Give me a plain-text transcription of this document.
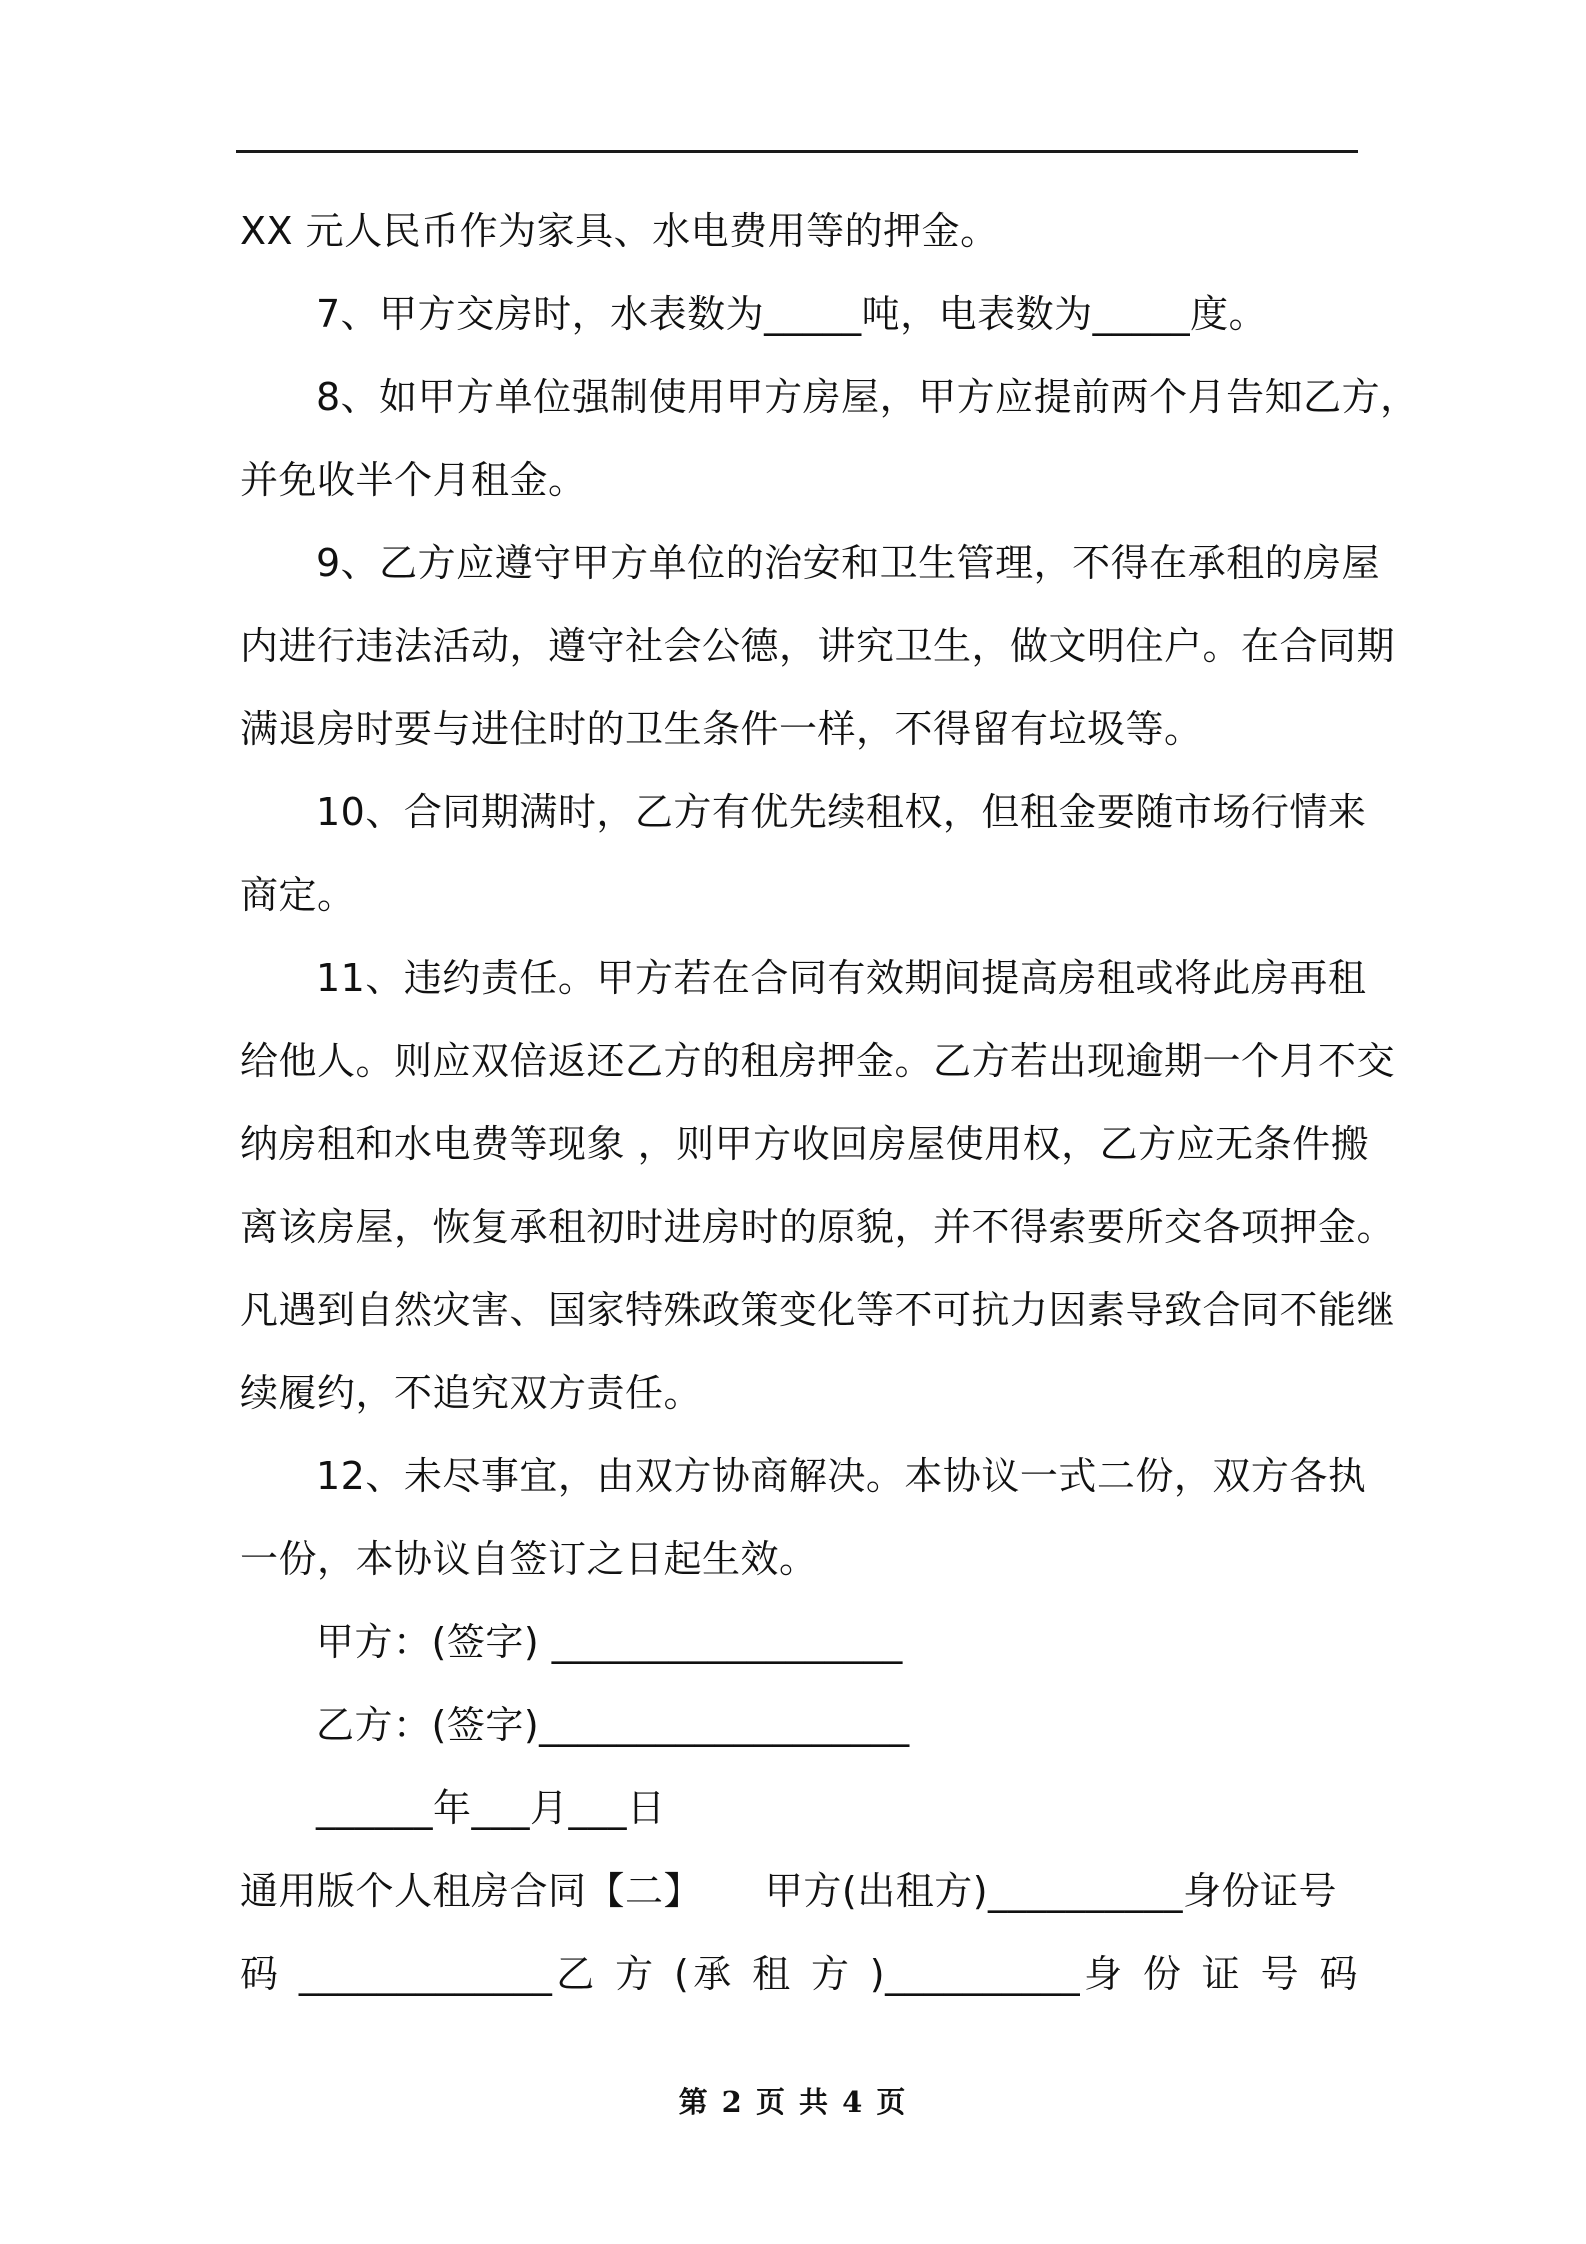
XX 元人民币作为家具、水电费用等的押金。
7、甲方交房时，水表数为_____吨，电表数为_____度。
8、如甲方单位强制使用甲方房屋，甲方应提前两个月告知乙方，
并免收半个月租金。
9、乙方应遵守甲方单位的治安和卫生管理，不得在承租的房屋
内进行违法活动，遵守社会公德，讲究卫生，做文明住户。在合同期
满退房时要与进住时的卫生条件一样，不得留有垃圾等。
10、合同期满时，乙方有优先续租权，但租金要随市场行情来
商定。
11、违约责任。甲方若在合同有效期间提高房租或将此房再租
给他人。则应双倍返还乙方的租房押金。乙方若出现逾期一个月不交
纳房租和水电费等现象 ，则甲方收回房屋使用权，乙方应无条件搬
离该房屋，恢复承租初时进房时的原貌，并不得索要所交各项押金。
凡遇到自然灾害、国家特殊政策变化等不可抗力因素导致合同不能继
续履约，不追究双方责任。
12、未尽事宜，由双方协商解决。本协议一式二份，双方各执
一份，本协议自签订之日起生效。
甲方：(签字) __________________
乙方：(签字)___________________
______年___月___日
通用版个人租房合同【二】     甲方(出租方)__________身份证号
码 _____________乙 方 (承 租 方 )__________身 份 证 号 码
第 2 页 共 4 页
